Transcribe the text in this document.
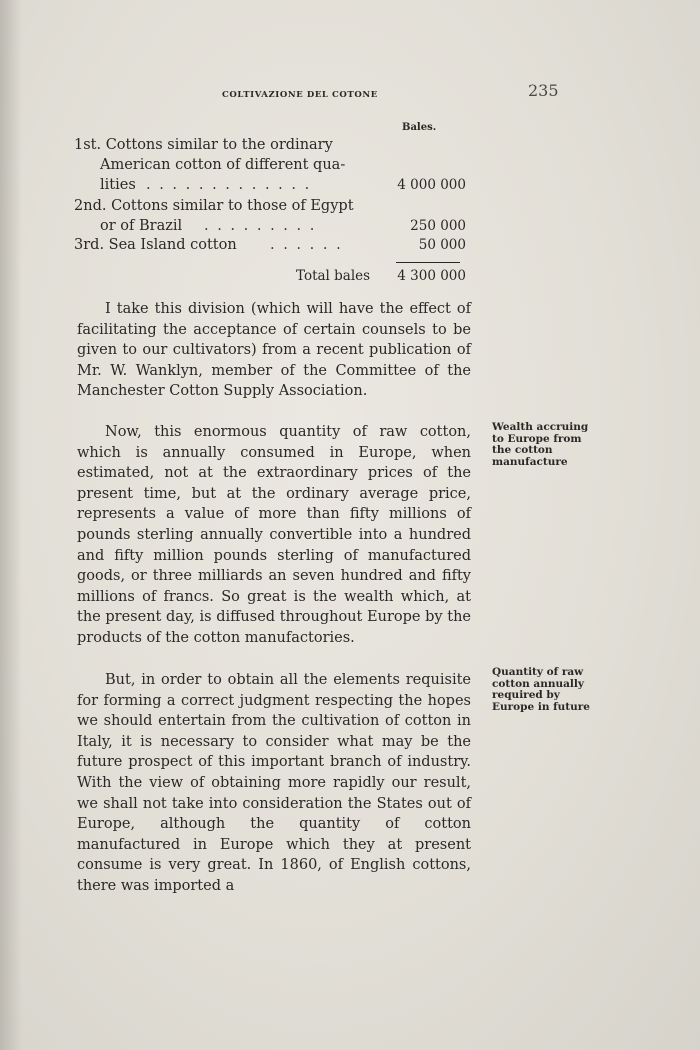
COLTIVAZIONE DEL COTONE	235
Bales.
1st. Cottons similar to the ordinary
American cotton of different qua-
lities . . . . . . . . . . . . .	4 000 000
2nd. Cottons similar to those of Egypt
or of Brazil . . . . . . . . .	250 000
3rd. Sea Island cotton . . . . . .	50 000
Total bales 4 300 000

I take this division (which will have the effect of facilitating the acceptance of certain counsels to be given to our cultivators) from a recent publication of Mr. W. Wanklyn, member of the Committee of the Manchester Cotton Supply Association.

Now, this enormous quantity of raw cotton, which is annually consumed in Europe, when estimated, not at the extraordinary prices of the present time, but at the ordinary average price, represents a value of more than fifty millions of pounds sterling annually convertible into a hundred and fifty million pounds sterling of manufactured goods, or three milliards an seven hundred and fifty millions of francs. So great is the wealth which, at the present day, is diffused throughout Europe by the products of the cotton manufactories.

But, in order to obtain all the elements requisite for forming a correct judgment respecting the hopes we should entertain from the cultivation of cotton in Italy, it is necessary to consider what may be the future prospect of this important branch of industry. With the view of obtaining more rapidly our result, we shall not take into consideration the States out of Europe, although the quantity of cotton manufactured in Europe which they at present consume is very great. In 1860, of English cottons, there was imported a

Wealth accruing to Europe from the cotton manufacture
Quantity of raw cotton annually required by Europe in future
